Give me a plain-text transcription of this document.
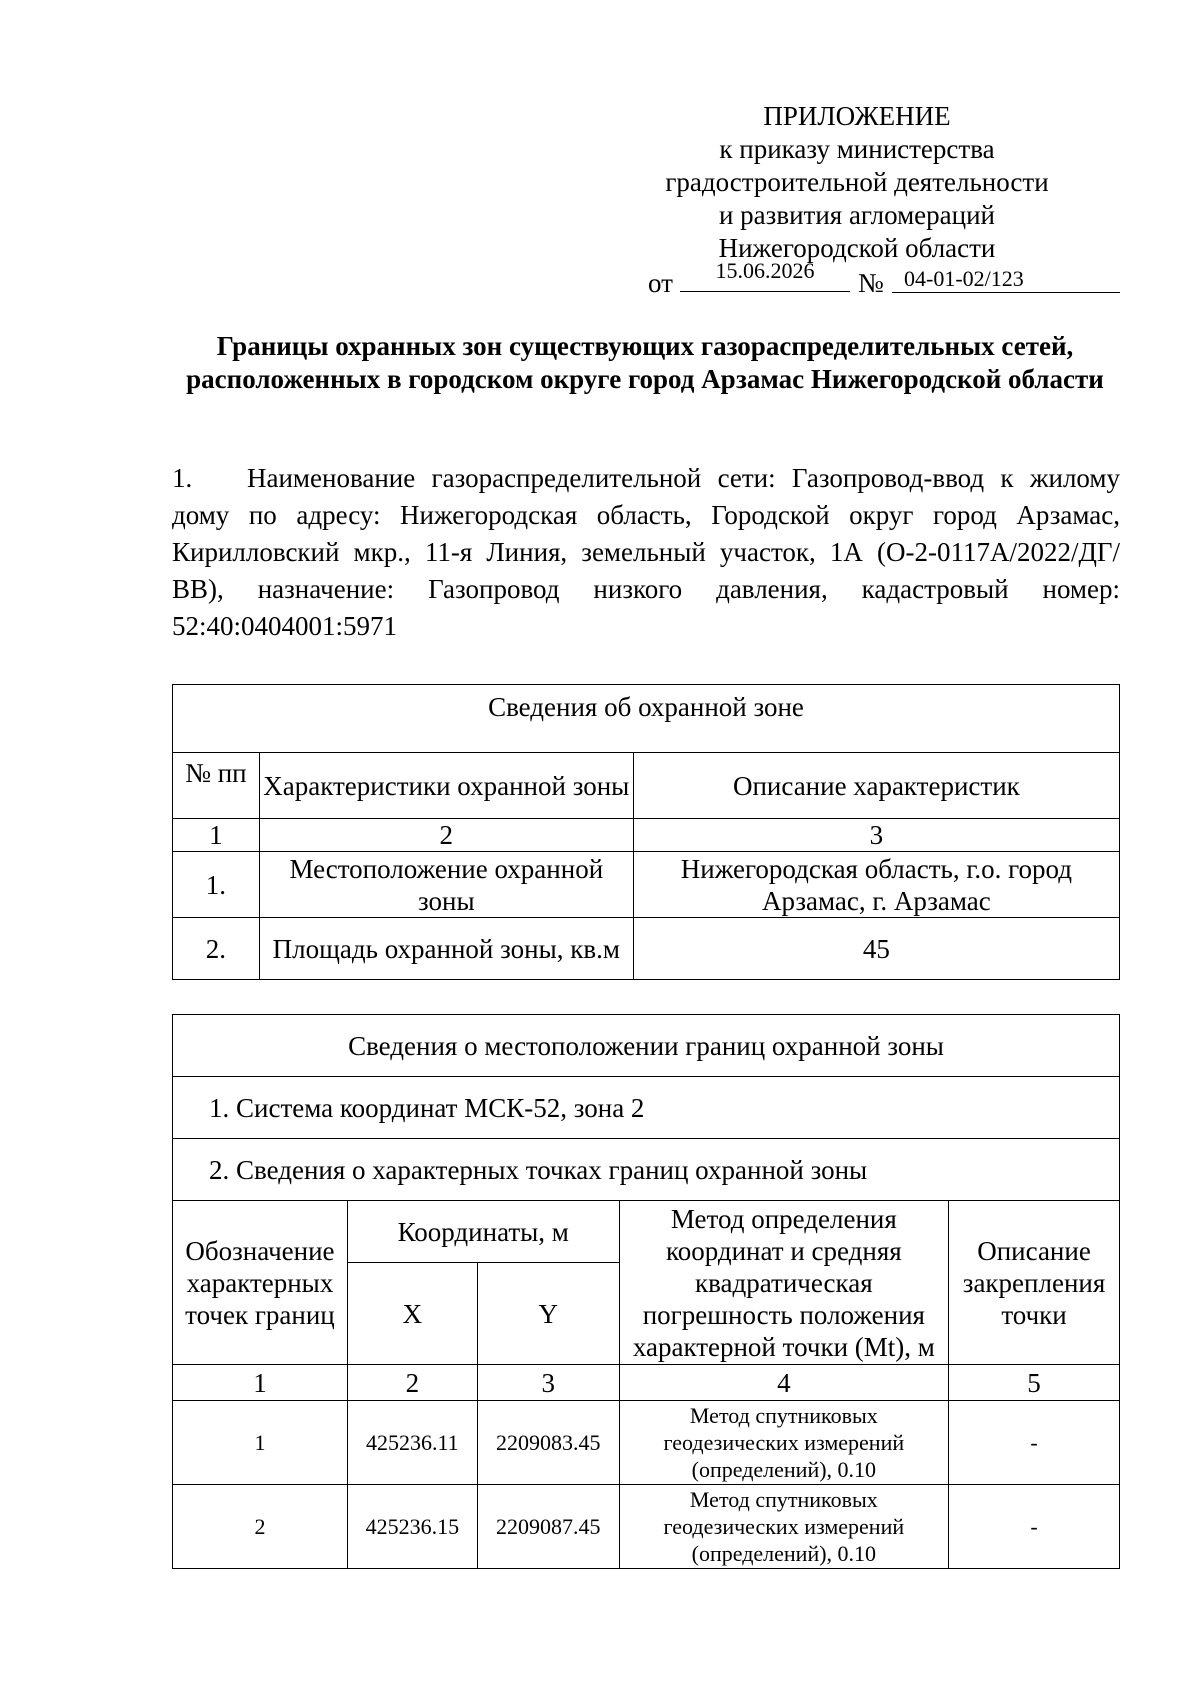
ПРИЛОЖЕНИЕ
к приказу министерства
градостроительной деятельности
и развития агломераций
Нижегородской области
от	15.06.2026	№ 04-01-02/123
Границы охранных зон существующих газораспределительных сетей, расположенных в городском округе город Арзамас Нижегородской области
1. Наименование газораспределительной сети: Газопровод-ввод к жилому дому по адресу: Нижегородская область, Городской округ город Арзамас, Кирилловский мкр., 11-я Линия, земельный участок, 1А (О-2-0117А/2022/ДГ/ВВ), назначение: Газопровод низкого давления, кадастровый номер: 52:40:0404001:5971
Сведения об охранной зоне		
№ пп	Характеристики охранной зоны	Описание характеристик
1	2	3
1.	Местоположение охранной зоны	Нижегородская область, г.о. город Арзамас, г. Арзамас
2.	Площадь охранной зоны, кв.м	45
Сведения о местоположении границ охранной зоны				
1. Система координат МСК-52, зона 2				
2. Сведения о характерных точках границ охранной зоны				
Обозначение характерных точек границ	Координаты, м		Метод определения координат и средняя квадратическая погрешность положения характерной точки (Mt), м	Описание закрепления точки
	X	Y		
1	2	3	4	5
1	425236.11	2209083.45	Метод спутниковых геодезических измерений (определений), 0.10	-
2	425236.15	2209087.45	Метод спутниковых геодезических измерений (определений), 0.10	-
